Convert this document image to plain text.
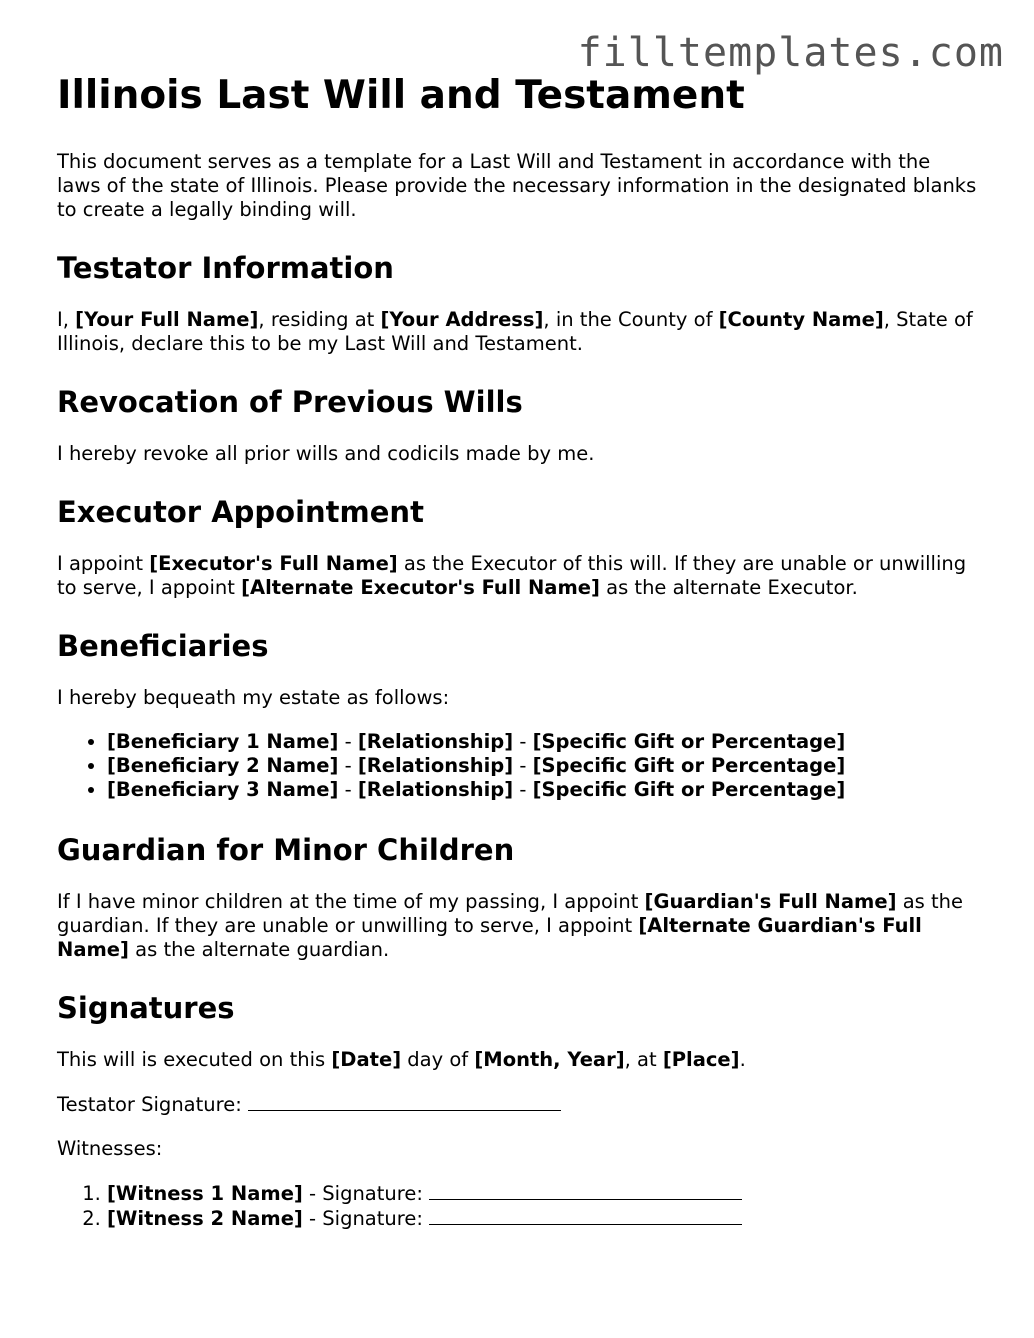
filltemplates.com
Illinois Last Will and Testament

This document serves as a template for a Last Will and Testament in accordance with the laws of the state of Illinois. Please provide the necessary information in the designated blanks to create a legally binding will.

Testator Information

I, [Your Full Name], residing at [Your Address], in the County of [County Name], State of Illinois, declare this to be my Last Will and Testament.

Revocation of Previous Wills

I hereby revoke all prior wills and codicils made by me.

Executor Appointment

I appoint [Executor's Full Name] as the Executor of this will. If they are unable or unwilling to serve, I appoint [Alternate Executor's Full Name] as the alternate Executor.

Beneficiaries

I hereby bequeath my estate as follows:

• [Beneficiary 1 Name] - [Relationship] - [Specific Gift or Percentage]
• [Beneficiary 2 Name] - [Relationship] - [Specific Gift or Percentage]
• [Beneficiary 3 Name] - [Relationship] - [Specific Gift or Percentage]
Guardian for Minor Children

If I have minor children at the time of my passing, I appoint [Guardian's Full Name] as the guardian. If they are unable or unwilling to serve, I appoint [Alternate Guardian's Full Name] as the alternate guardian.

Signatures

This will is executed on this [Date] day of [Month, Year], at [Place].

Testator Signature:

Witnesses:

1. [Witness 1 Name] - Signature:
2. [Witness 2 Name] - Signature:
